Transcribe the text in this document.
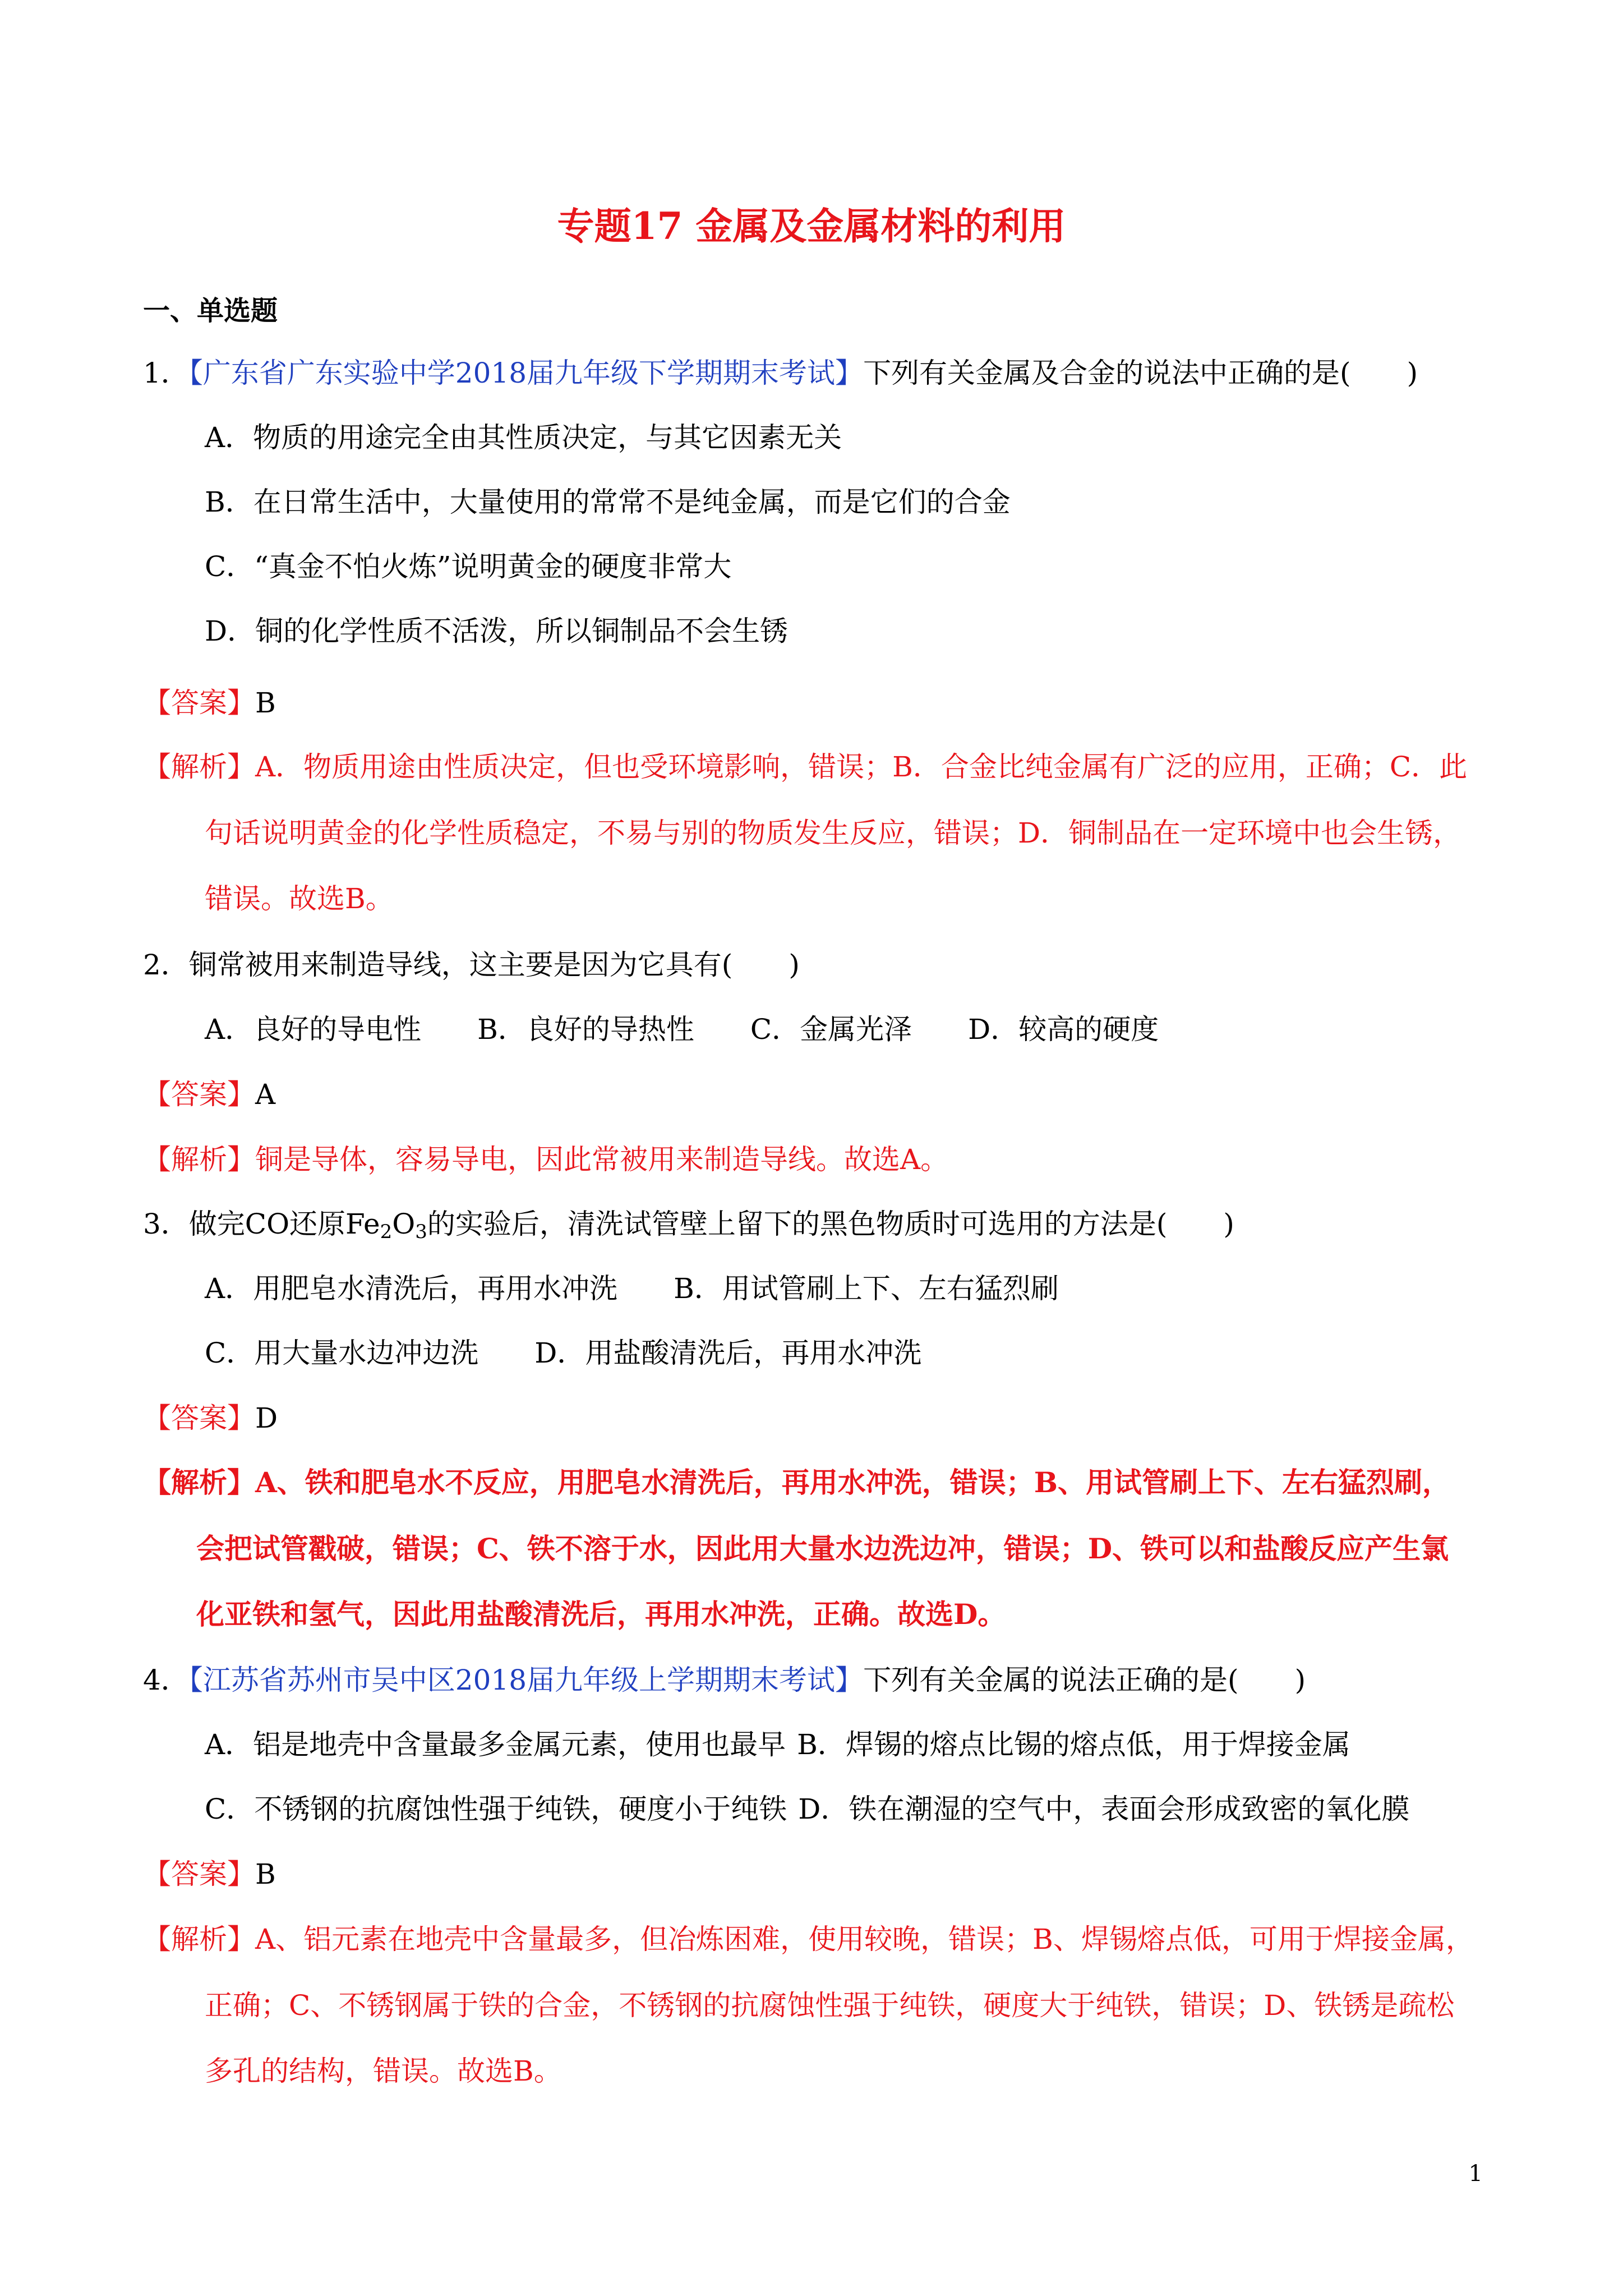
专题17 金属及金属材料的利用
一、单选题
1．【广东省广东实验中学2018届九年级下学期期末考试】下列有关金属及合金的说法中正确的是(　　)
A．物质的用途完全由其性质决定，与其它因素无关
B．在日常生活中，大量使用的常常不是纯金属，而是它们的合金
C．“真金不怕火炼”说明黄金的硬度非常大
D．铜的化学性质不活泼，所以铜制品不会生锈
【答案】B
【解析】A．物质用途由性质决定，但也受环境影响，错误；B．合金比纯金属有广泛的应用，正确；C．此
句话说明黄金的化学性质稳定，不易与别的物质发生反应，错误；D．铜制品在一定环境中也会生锈，
错误。故选B。
2．铜常被用来制造导线，这主要是因为它具有(　　)
A．良好的导电性 B．良好的导热性 C．金属光泽 D．较高的硬度
【答案】A
【解析】铜是导体，容易导电，因此常被用来制造导线。故选A。
3．做完CO还原$Fe_2O_3$的实验后，清洗试管壁上留下的黑色物质时可选用的方法是(　　)
A．用肥皂水清洗后，再用水冲洗 B．用试管刷上下、左右猛烈刷
C．用大量水边冲边洗 D．用盐酸清洗后，再用水冲洗
【答案】D
【解析】A、铁和肥皂水不反应，用肥皂水清洗后，再用水冲洗，错误；B、用试管刷上下、左右猛烈刷，
会把试管戳破，错误；C、铁不溶于水，因此用大量水边洗边冲，错误；D、铁可以和盐酸反应产生氯
化亚铁和氢气，因此用盐酸清洗后，再用水冲洗，正确。故选D。
4．【江苏省苏州市吴中区2018届九年级上学期期末考试】下列有关金属的说法正确的是(　　)
A．铝是地壳中含量最多金属元素，使用也最早 B．焊锡的熔点比锡的熔点低，用于焊接金属
C．不锈钢的抗腐蚀性强于纯铁，硬度小于纯铁 D．铁在潮湿的空气中，表面会形成致密的氧化膜
【答案】B
【解析】A、铝元素在地壳中含量最多，但冶炼困难，使用较晚，错误；B、焊锡熔点低，可用于焊接金属，
正确；C、不锈钢属于铁的合金，不锈钢的抗腐蚀性强于纯铁，硬度大于纯铁，错误；D、铁锈是疏松
多孔的结构，错误。故选B。
1
